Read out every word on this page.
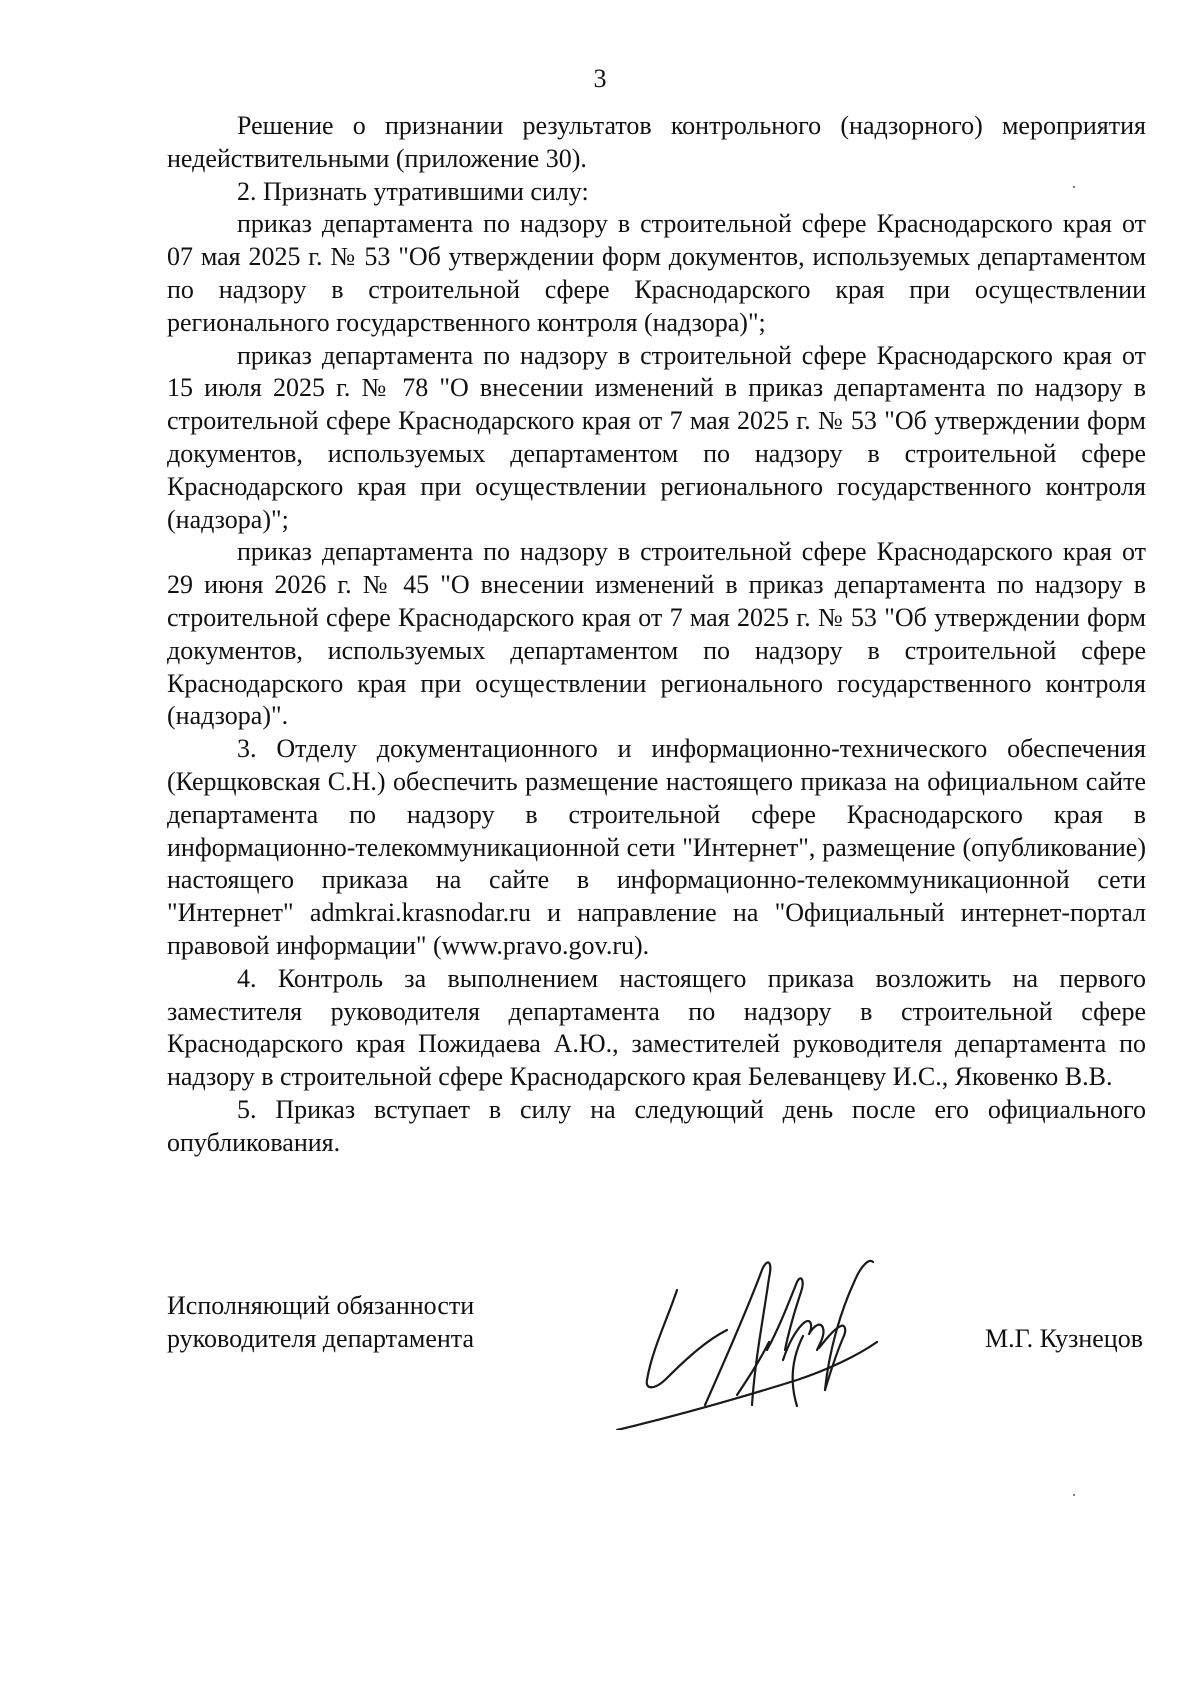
3

Решение о признании результатов контрольного (надзорного) мероприятия недействительными (приложение 30).

2. Признать утратившими силу:

приказ департамента по надзору в строительной сфере Краснодарского края от 07 мая 2025 г. № 53 "Об утверждении форм документов, используемых департаментом по надзору в строительной сфере Краснодарского края при осуществлении регионального государственного контроля (надзора)";

приказ департамента по надзору в строительной сфере Краснодарского края от 15 июля 2025 г. № 78 "О внесении изменений в приказ департамента по надзору в строительной сфере Краснодарского края от 7 мая 2025 г. № 53 "Об утверждении форм документов, используемых департаментом по надзору в строительной сфере Краснодарского края при осуществлении регионального государственного контроля (надзора)";

приказ департамента по надзору в строительной сфере Краснодарского края от 29 июня 2026 г. № 45 "О внесении изменений в приказ департамента по надзору в строительной сфере Краснодарского края от 7 мая 2025 г. № 53 "Об утверждении форм документов, используемых департаментом по надзору в строительной сфере Краснодарского края при осуществлении регионального государственного контроля (надзора)".

3. Отделу документационного и информационно-технического обеспечения (Керщковская С.Н.) обеспечить размещение настоящего приказа на официальном сайте департамента по надзору в строительной сфере Краснодарского края в информационно-телекоммуникационной сети "Интернет", размещение (опубликование) настоящего приказа на сайте в информационно-телекоммуникационной сети "Интернет" admkrai.krasnodar.ru и направление на "Официальный интернет-портал правовой информации" (www.pravo.gov.ru).

4. Контроль за выполнением настоящего приказа возложить на первого заместителя руководителя департамента по надзору в строительной сфере Краснодарского края Пожидаева А.Ю., заместителей руководителя департамента по надзору в строительной сфере Краснодарского края Белеванцеву И.С., Яковенко В.В.

5. Приказ вступает в силу на следующий день после его официального опубликования.

Исполняющий обязанности
руководителя департамента	М.Г. Кузнецов
